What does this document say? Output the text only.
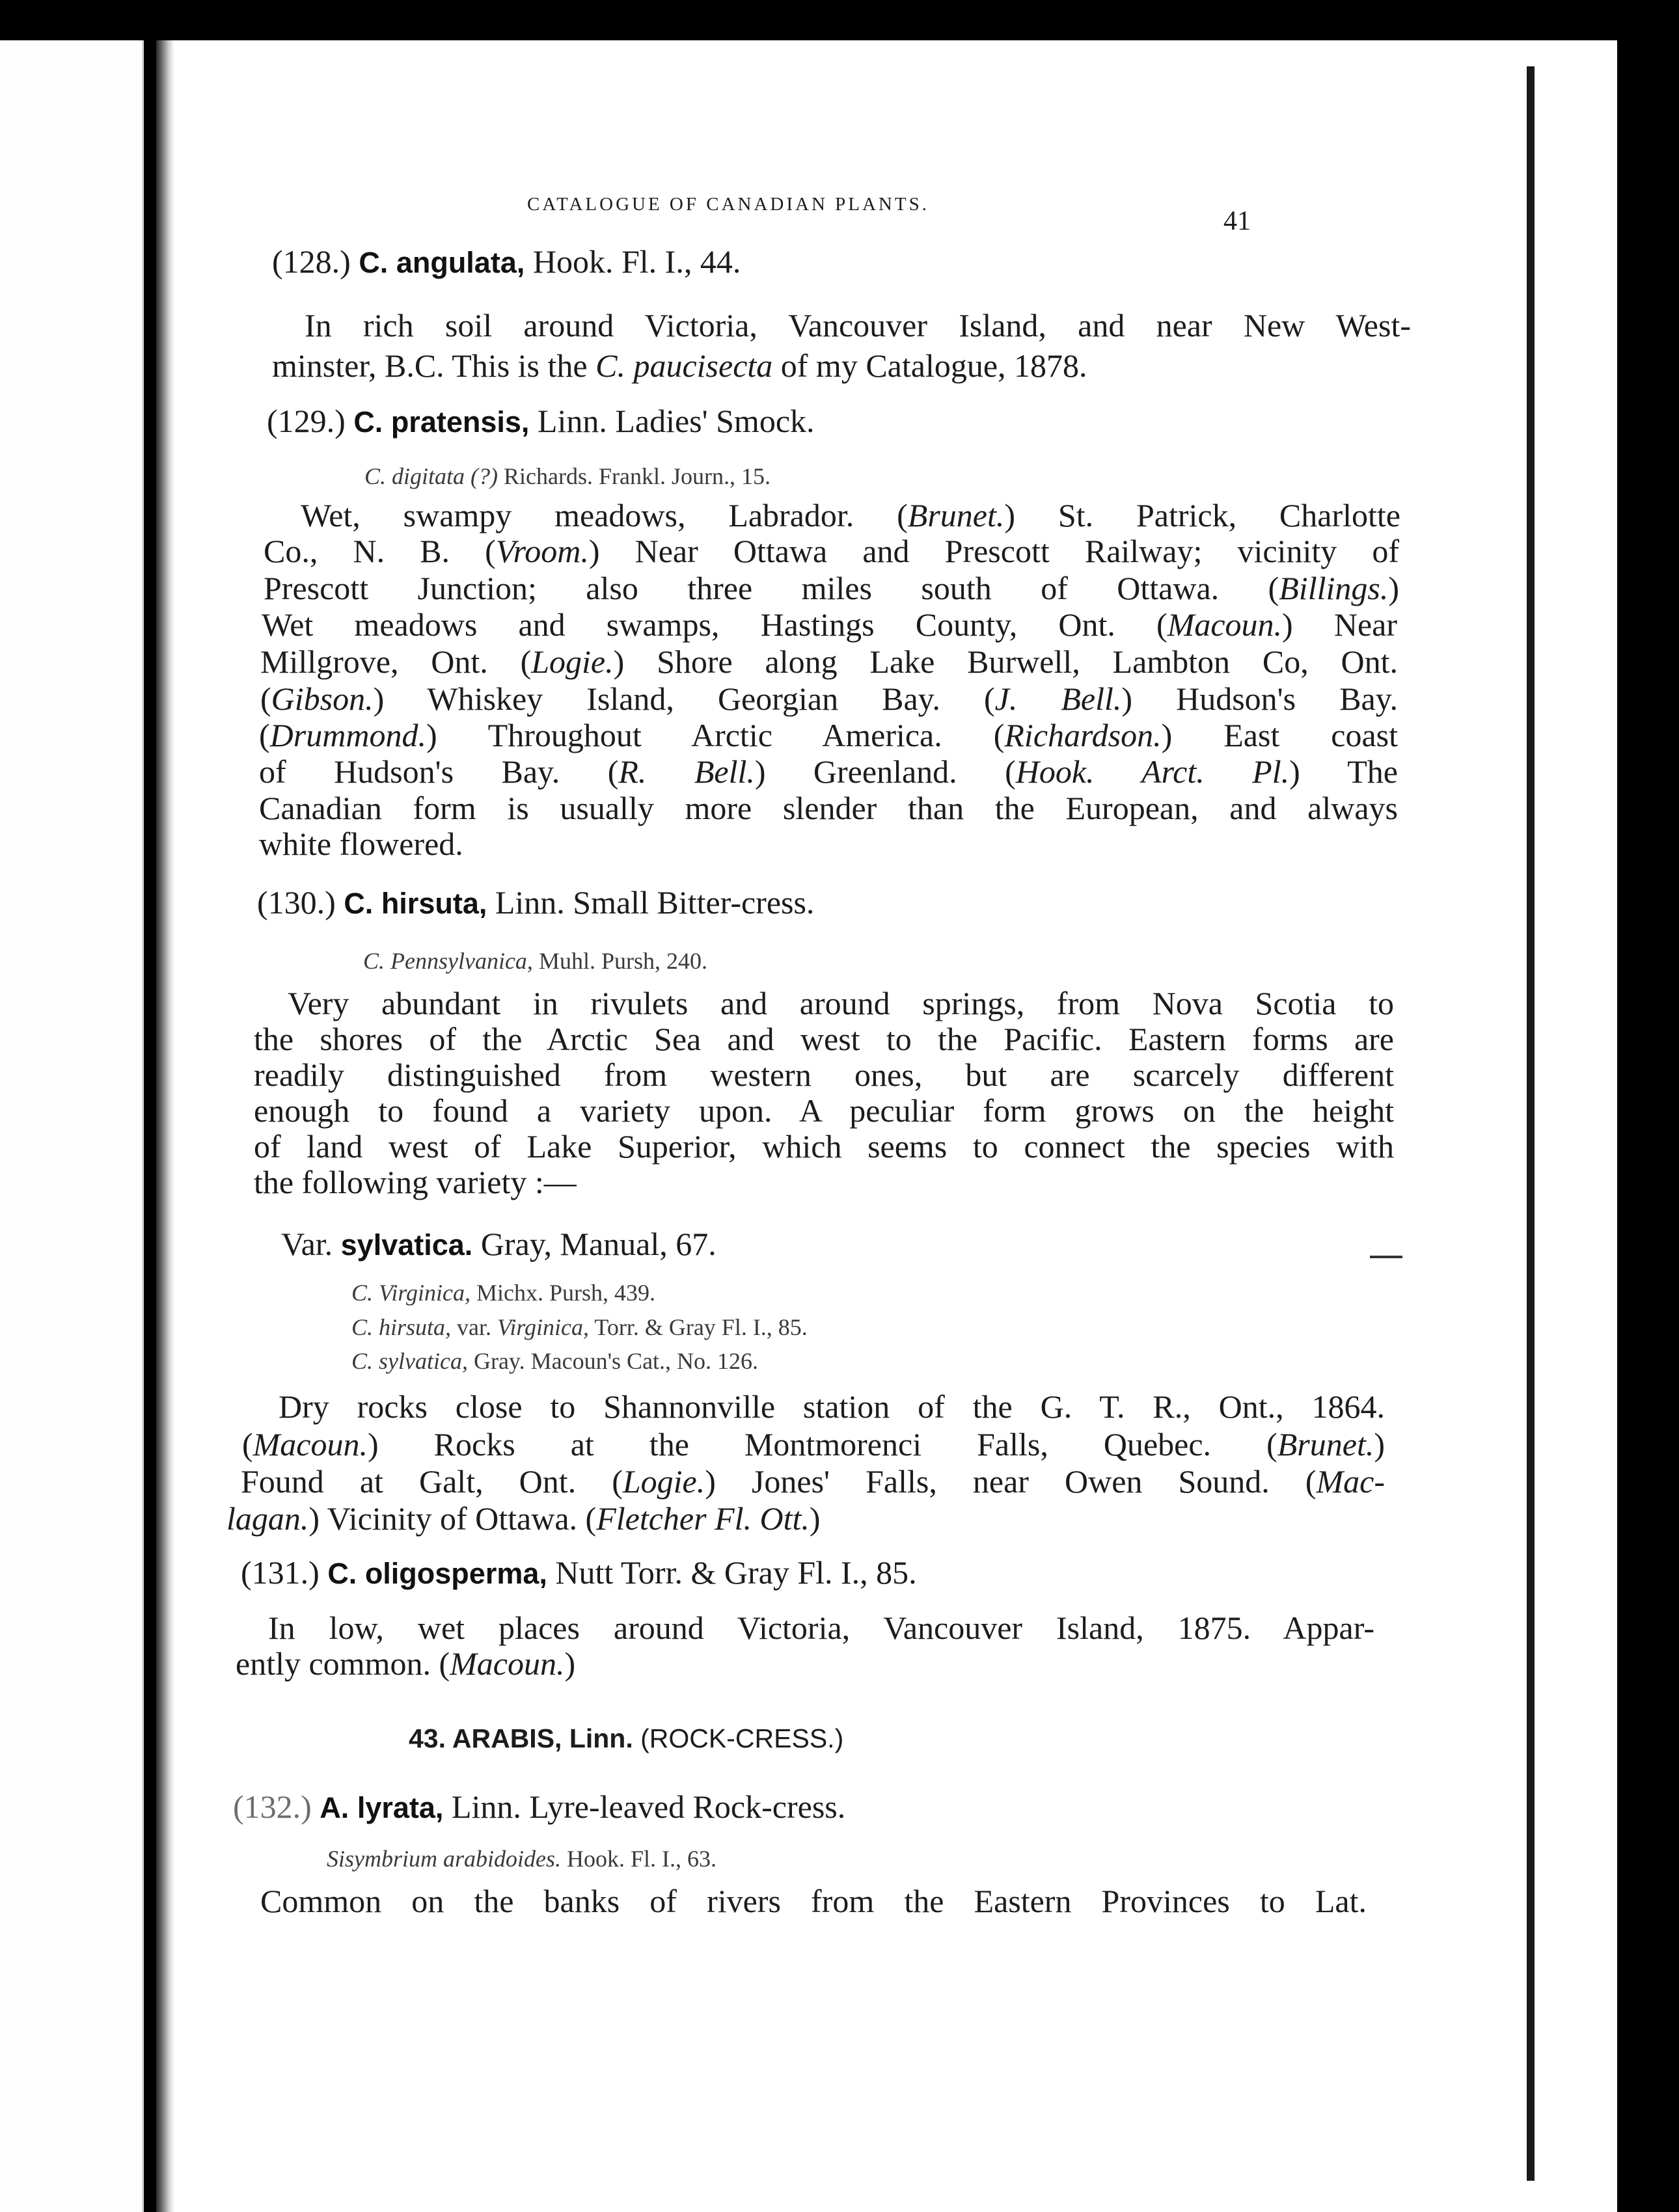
CATALOGUE OF CANADIAN PLANTS.
41
(128.) C. angulata, Hook. Fl. I., 44.
In rich soil around Victoria, Vancouver Island, and near New West-
minster, B.C. This is the C. paucisecta of my Catalogue, 1878.
(129.) C. pratensis, Linn. Ladies' Smock.
C. digitata (?) Richards. Frankl. Journ., 15.
Wet, swampy meadows, Labrador. (Brunet.) St. Patrick, Charlotte
Co., N. B. (Vroom.) Near Ottawa and Prescott Railway; vicinity of
Prescott Junction; also three miles south of Ottawa. (Billings.)
Wet meadows and swamps, Hastings County, Ont. (Macoun.) Near
Millgrove, Ont. (Logie.) Shore along Lake Burwell, Lambton Co, Ont.
(Gibson.) Whiskey Island, Georgian Bay. (J. Bell.) Hudson's Bay.
(Drummond.) Throughout Arctic America. (Richardson.) East coast
of Hudson's Bay. (R. Bell.) Greenland. (Hook. Arct. Pl.) The
Canadian form is usually more slender than the European, and always
white flowered.
(130.) C. hirsuta, Linn. Small Bitter-cress.
C. Pennsylvanica, Muhl. Pursh, 240.
Very abundant in rivulets and around springs, from Nova Scotia to
the shores of the Arctic Sea and west to the Pacific. Eastern forms are
readily distinguished from western ones, but are scarcely different
enough to found a variety upon. A peculiar form grows on the height
of land west of Lake Superior, which seems to connect the species with
the following variety :—
Var. sylvatica. Gray, Manual, 67.
C. Virginica, Michx. Pursh, 439.
C. hirsuta, var. Virginica, Torr. & Gray Fl. I., 85.
C. sylvatica, Gray. Macoun's Cat., No. 126.
Dry rocks close to Shannonville station of the G. T. R., Ont., 1864.
(Macoun.) Rocks at the Montmorenci Falls, Quebec. (Brunet.)
Found at Galt, Ont. (Logie.) Jones' Falls, near Owen Sound. (Mac-
lagan.) Vicinity of Ottawa. (Fletcher Fl. Ott.)
(131.) C. oligosperma, Nutt Torr. & Gray Fl. I., 85.
In low, wet places around Victoria, Vancouver Island, 1875. Appar-
ently common. (Macoun.)
43. ARABIS, Linn. (ROCK-CRESS.)
(132.) A. lyrata, Linn. Lyre-leaved Rock-cress.
Sisymbrium arabidoides. Hook. Fl. I., 63.
Common on the banks of rivers from the Eastern Provinces to Lat.
